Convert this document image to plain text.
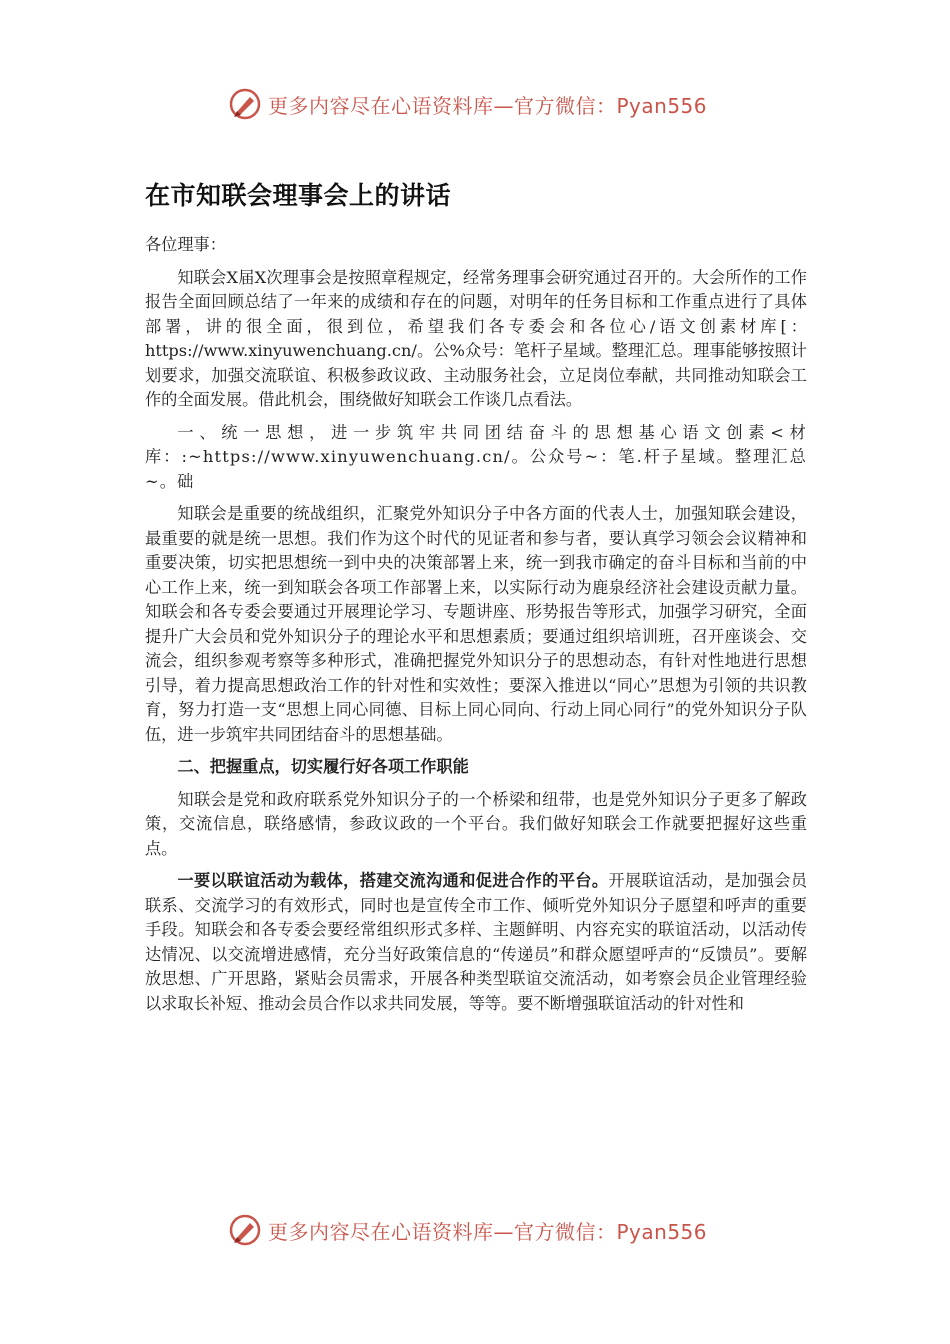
更多内容尽在心语资料库—官方微信：Pyan556
在市知联会理事会上的讲话

各位理事：

知联会X届X次理事会是按照章程规定，经常务理事会研究通过召开的。大会所作的工作报告全面回顾总结了一年来的成绩和存在的问题，对明年的任务目标和工作重点进行了具体部署，讲的很全面，很到位，希望我们各专委会和各位心/语文创素材库[：https://www.xinyuwenchuang.cn/。公%众号：笔杆子星域。整理汇总。理事能够按照计划要求，加强交流联谊、积极参政议政、主动服务社会，立足岗位奉献，共同推动知联会工作的全面发展。借此机会，围绕做好知联会工作谈几点看法。

一、统一思想，进一步筑牢共同团结奋斗的思想基心语文创素<材库：:~https://www.xinyuwenchuang.cn/。公众号~：笔.杆子星域。整理汇总~。础

知联会是重要的统战组织，汇聚党外知识分子中各方面的代表人士，加强知联会建设，最重要的就是统一思想。我们作为这个时代的见证者和参与者，要认真学习领会会议精神和重要决策，切实把思想统一到中央的决策部署上来，统一到我市确定的奋斗目标和当前的中心工作上来，统一到知联会各项工作部署上来，以实际行动为鹿泉经济社会建设贡献力量。知联会和各专委会要通过开展理论学习、专题讲座、形势报告等形式，加强学习研究，全面提升广大会员和党外知识分子的理论水平和思想素质；要通过组织培训班，召开座谈会、交流会，组织参观考察等多种形式，准确把握党外知识分子的思想动态，有针对性地进行思想引导，着力提高思想政治工作的针对性和实效性；要深入推进以“同心”思想为引领的共识教育，努力打造一支“思想上同心同德、目标上同心同向、行动上同心同行”的党外知识分子队伍，进一步筑牢共同团结奋斗的思想基础。

二、把握重点，切实履行好各项工作职能

知联会是党和政府联系党外知识分子的一个桥梁和纽带，也是党外知识分子更多了解政策，交流信息，联络感情，参政议政的一个平台。我们做好知联会工作就要把握好这些重点。

一要以联谊活动为载体，搭建交流沟通和促进合作的平台。开展联谊活动，是加强会员联系、交流学习的有效形式，同时也是宣传全市工作、倾听党外知识分子愿望和呼声的重要手段。知联会和各专委会要经常组织形式多样、主题鲜明、内容充实的联谊活动，以活动传达情况、以交流增进感情，充分当好政策信息的“传递员”和群众愿望呼声的“反馈员”。要解放思想、广开思路，紧贴会员需求，开展各种类型联谊交流活动，如考察会员企业管理经验以求取长补短、推动会员合作以求共同发展，等等。要不断增强联谊活动的针对性和

更多内容尽在心语资料库—官方微信：Pyan556
